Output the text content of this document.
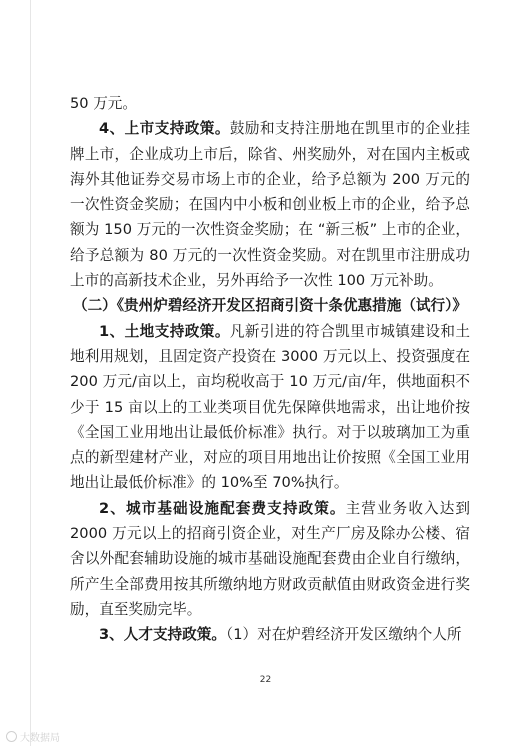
50 万元。

4、上市支持政策。鼓励和支持注册地在凯里市的企业挂牌上市，企业成功上市后，除省、州奖励外，对在国内主板或海外其他证券交易市场上市的企业，给予总额为 200 万元的一次性资金奖励；在国内中小板和创业板上市的企业，给予总额为 150 万元的一次性资金奖励；在 “新三板” 上市的企业，给予总额为 80 万元的一次性资金奖励。对在凯里市注册成功上市的高新技术企业，另外再给予一次性 100 万元补助。

（二）《贵州炉碧经济开发区招商引资十条优惠措施（试行）》

1、土地支持政策。凡新引进的符合凯里市城镇建设和土地利用规划，且固定资产投资在 3000 万元以上、投资强度在 200 万元/亩以上，亩均税收高于 10 万元/亩/年，供地面积不少于 15 亩以上的工业类项目优先保障供地需求，出让地价按《全国工业用地出让最低价标准》执行。对于以玻璃加工为重点的新型建材产业，对应的项目用地出让价按照《全国工业用地出让最低价标准》的 10%至 70%执行。

2、城市基础设施配套费支持政策。主营业务收入达到 2000 万元以上的招商引资企业，对生产厂房及除办公楼、宿舍以外配套辅助设施的城市基础设施配套费由企业自行缴纳，所产生全部费用按其所缴纳地方财政贡献值由财政资金进行奖励，直至奖励完毕。

3、人才支持政策。（1）对在炉碧经济开发区缴纳个人所

22
大数据局
